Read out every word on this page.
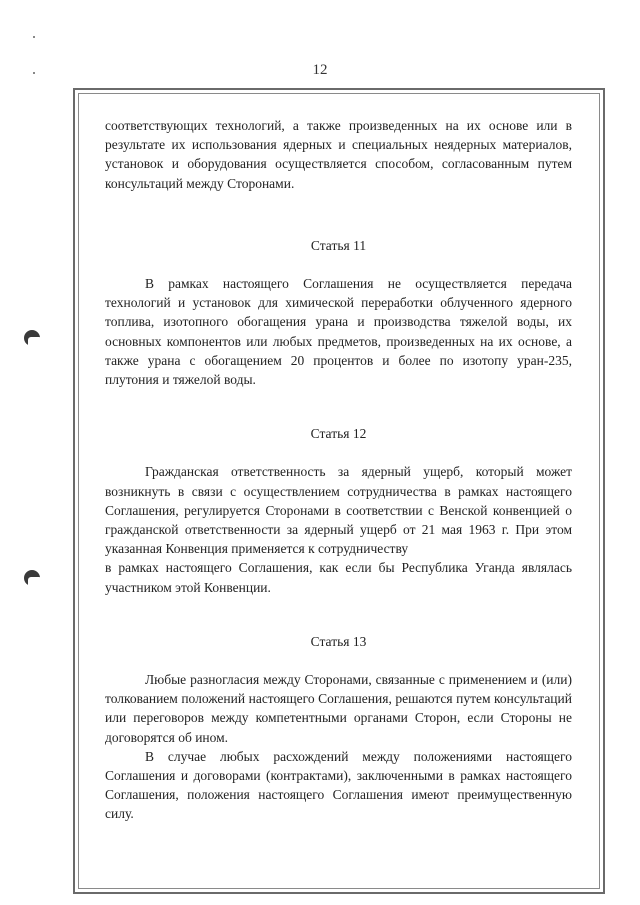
12

соответствующих технологий, а также произведенных на их основе или в результате их использования ядерных и специальных неядерных материалов, установок и оборудования осуществляется способом, согласованным путем консультаций между Сторонами.

Статья 11

В рамках настоящего Соглашения не осуществляется передача технологий и установок для химической переработки облученного ядерного топлива, изотопного обогащения урана и производства тяжелой воды, их основных компонентов или любых предметов, произведенных на их основе, а также урана с обогащением 20 процентов и более по изотопу уран-235, плутония и тяжелой воды.

Статья 12

Гражданская ответственность за ядерный ущерб, который может возникнуть в связи с осуществлением сотрудничества в рамках настоящего Соглашения, регулируется Сторонами в соответствии с Венской конвенцией о гражданской ответственности за ядерный ущерб от 21 мая 1963 г. При этом указанная Конвенция применяется к сотрудничеству

в рамках настоящего Соглашения, как если бы Республика Уганда являлась участником этой Конвенции.

Статья 13

Любые разногласия между Сторонами, связанные с применением и (или) толкованием положений настоящего Соглашения, решаются путем консультаций или переговоров между компетентными органами Сторон, если Стороны не договорятся об ином.

В случае любых расхождений между положениями настоящего Соглашения и договорами (контрактами), заключенными в рамках настоящего Соглашения, положения настоящего Соглашения имеют преимущественную силу.
